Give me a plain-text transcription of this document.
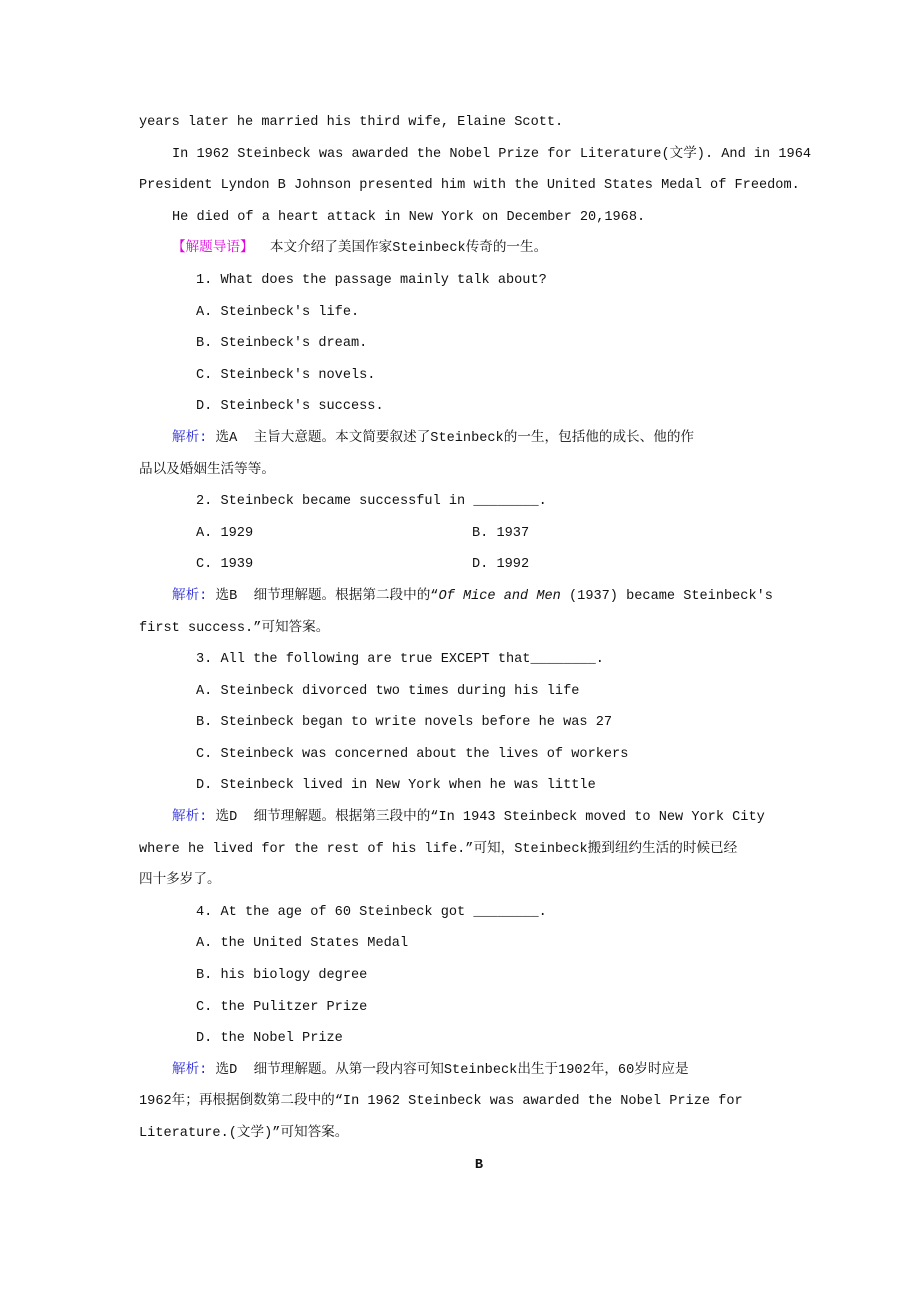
years later he married his third wife, Elaine Scott.
In 1962 Steinbeck was awarded the Nobel Prize for Literature(文学). And in 1964
President Lyndon B Johnson presented him with the United States Medal of Freedom.
He died of a heart attack in New York on December 20,1968.
【解题导语】  本文介绍了美国作家Steinbeck传奇的一生。
1. What does the passage mainly talk about?
A. Steinbeck's life.
B. Steinbeck's dream.
C. Steinbeck's novels.
D. Steinbeck's success.
解析: 选A  主旨大意题。本文简要叙述了Steinbeck的一生，包括他的成长、他的作
品以及婚姻生活等等。
2. Steinbeck became successful in ________.
A. 1929	B. 1937
C. 1939	D. 1992
解析: 选B  细节理解题。根据第二段中的“Of Mice and Men (1937) became Steinbeck's
first success.”可知答案。
3. All the following are true EXCEPT that________.
A. Steinbeck divorced two times during his life
B. Steinbeck began to write novels before he was 27
C. Steinbeck was concerned about the lives of workers
D. Steinbeck lived in New York when he was little
解析: 选D  细节理解题。根据第三段中的“In 1943 Steinbeck moved to New York City
where he lived for the rest of his life.”可知，Steinbeck搬到纽约生活的时候已经
四十多岁了。
4. At the age of 60 Steinbeck got ________.
A. the United States Medal
B. his biology degree
C. the Pulitzer Prize
D. the Nobel Prize
解析: 选D  细节理解题。从第一段内容可知Steinbeck出生于1902年，60岁时应是
1962年；再根据倒数第二段中的“In 1962 Steinbeck was awarded the Nobel Prize for
Literature.(文学)”可知答案。
B
